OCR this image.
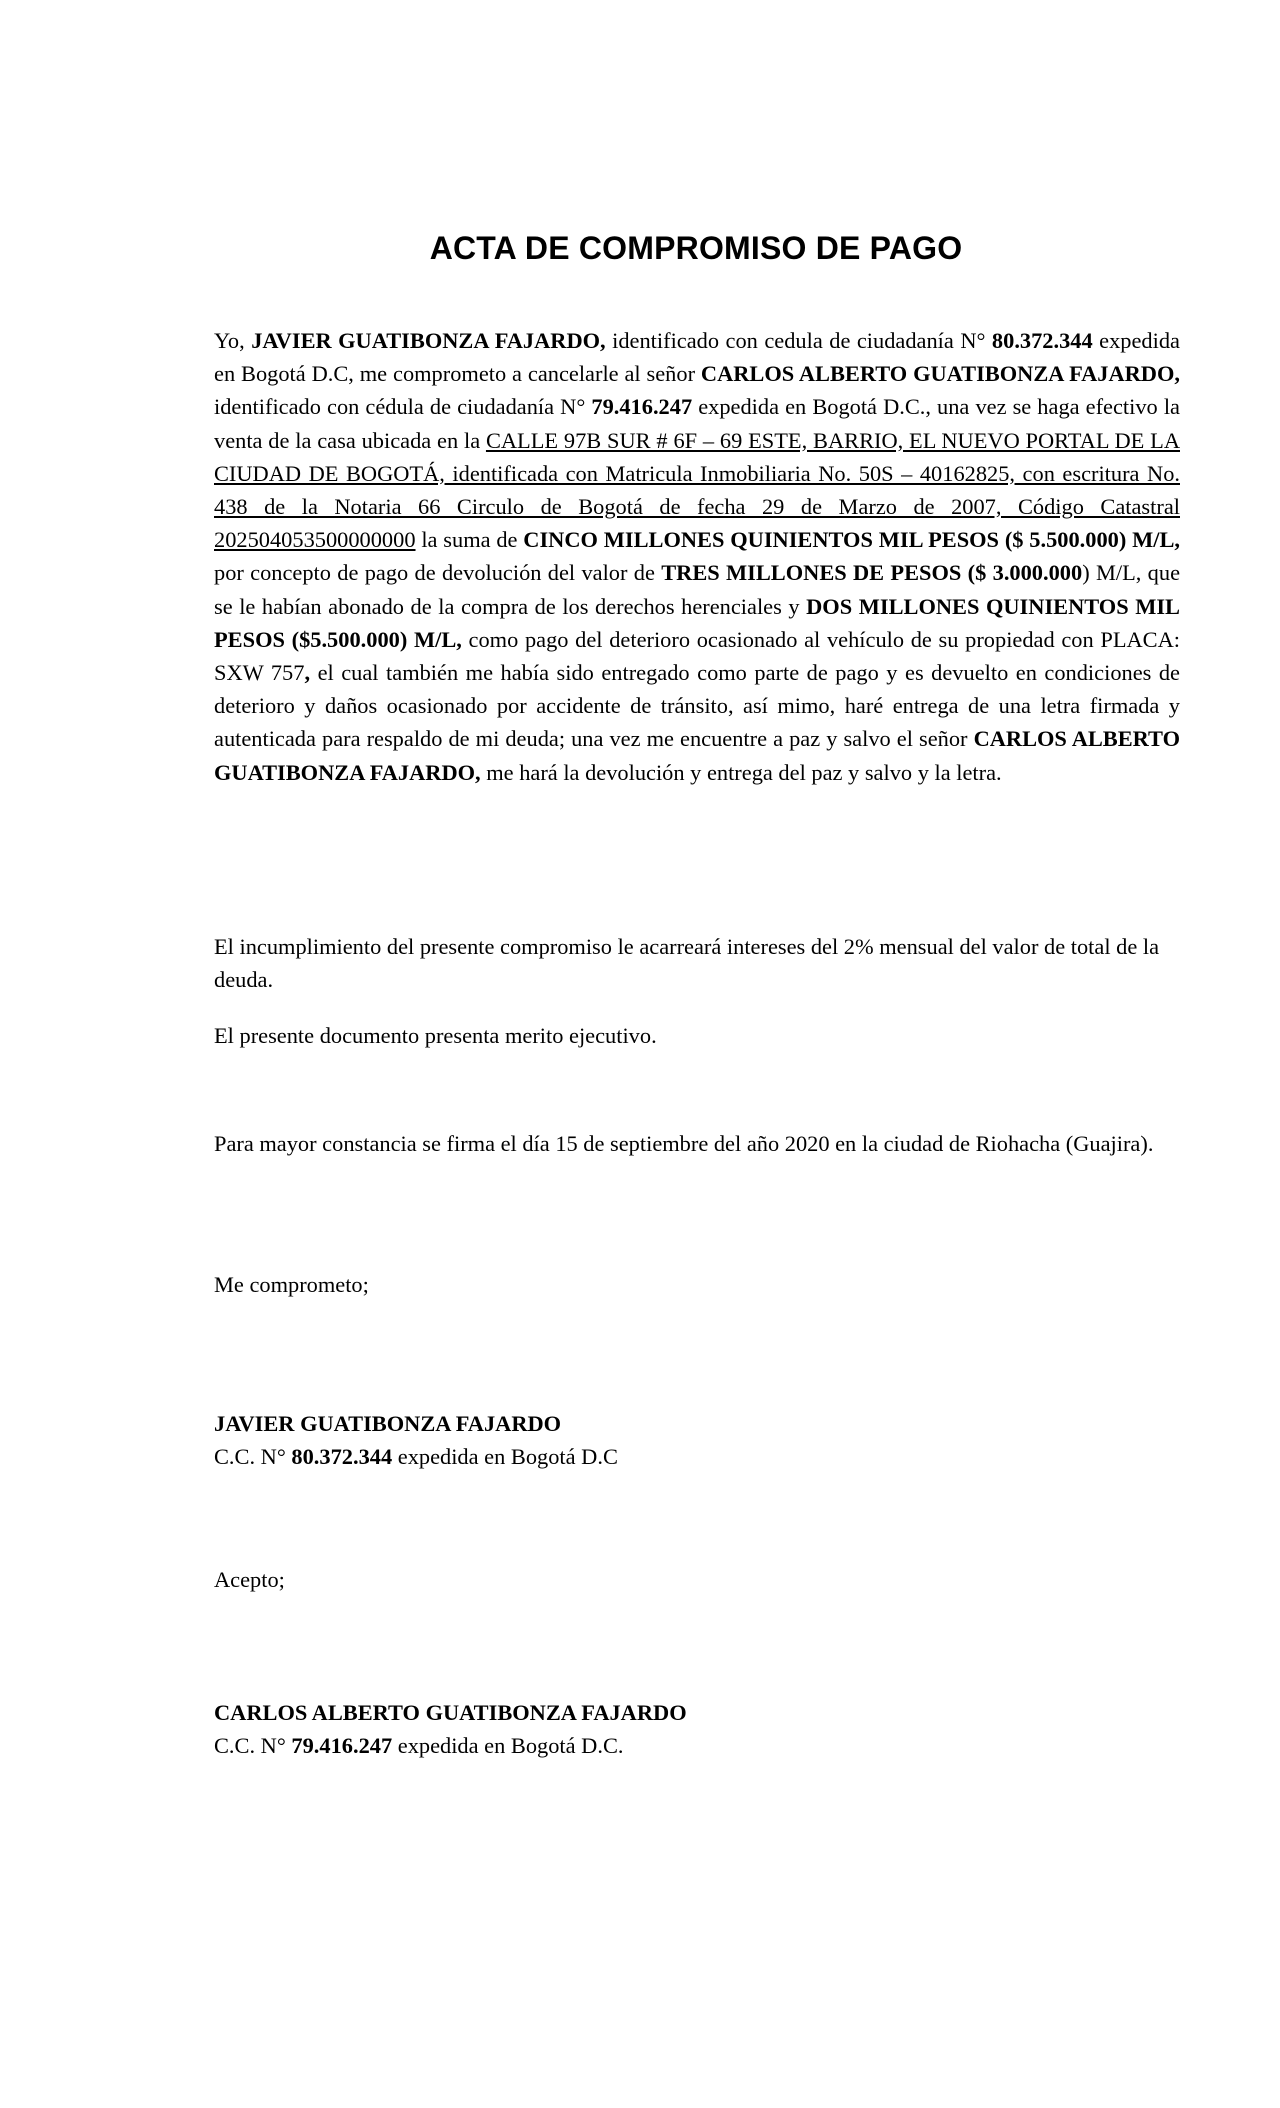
ACTA DE COMPROMISO DE PAGO

Yo, JAVIER GUATIBONZA FAJARDO, identificado con cedula de ciudadanía N° 80.372.344 expedida en Bogotá D.C, me comprometo a cancelarle al señor CARLOS ALBERTO GUATIBONZA FAJARDO, identificado con cédula de ciudadanía N° 79.416.247 expedida en Bogotá D.C., una vez se haga efectivo la venta de la casa ubicada en la CALLE 97B SUR # 6F – 69 ESTE, BARRIO, EL NUEVO PORTAL DE LA CIUDAD DE BOGOTÁ, identificada con Matricula Inmobiliaria No. 50S – 40162825, con escritura No. 438 de la Notaria 66 Circulo de Bogotá de fecha 29 de Marzo de 2007, Código Catastral 202504053500000000 la suma de CINCO MILLONES QUINIENTOS MIL PESOS ($ 5.500.000) M/L, por concepto de pago de devolución del valor de TRES MILLONES DE PESOS ($ 3.000.000) M/L, que se le habían abonado de la compra de los derechos herenciales y DOS MILLONES QUINIENTOS MIL PESOS ($5.500.000) M/L, como pago del deterioro ocasionado al vehículo de su propiedad con PLACA: SXW 757, el cual también me había sido entregado como parte de pago y es devuelto en condiciones de deterioro y daños ocasionado por accidente de tránsito, así mimo, haré entrega de una letra firmada y autenticada para respaldo de mi deuda; una vez me encuentre a paz y salvo el señor CARLOS ALBERTO GUATIBONZA FAJARDO, me hará la devolución y entrega del paz y salvo y la letra.

El incumplimiento del presente compromiso le acarreará intereses del 2% mensual del valor de total de la deuda.

El presente documento presenta merito ejecutivo.

Para mayor constancia se firma el día 15 de septiembre del año 2020 en la ciudad de Riohacha (Guajira).

Me comprometo;

JAVIER GUATIBONZA FAJARDO
C.C. N° 80.372.344 expedida en Bogotá D.C

Acepto;

CARLOS ALBERTO GUATIBONZA FAJARDO
C.C. N° 79.416.247 expedida en Bogotá D.C.
